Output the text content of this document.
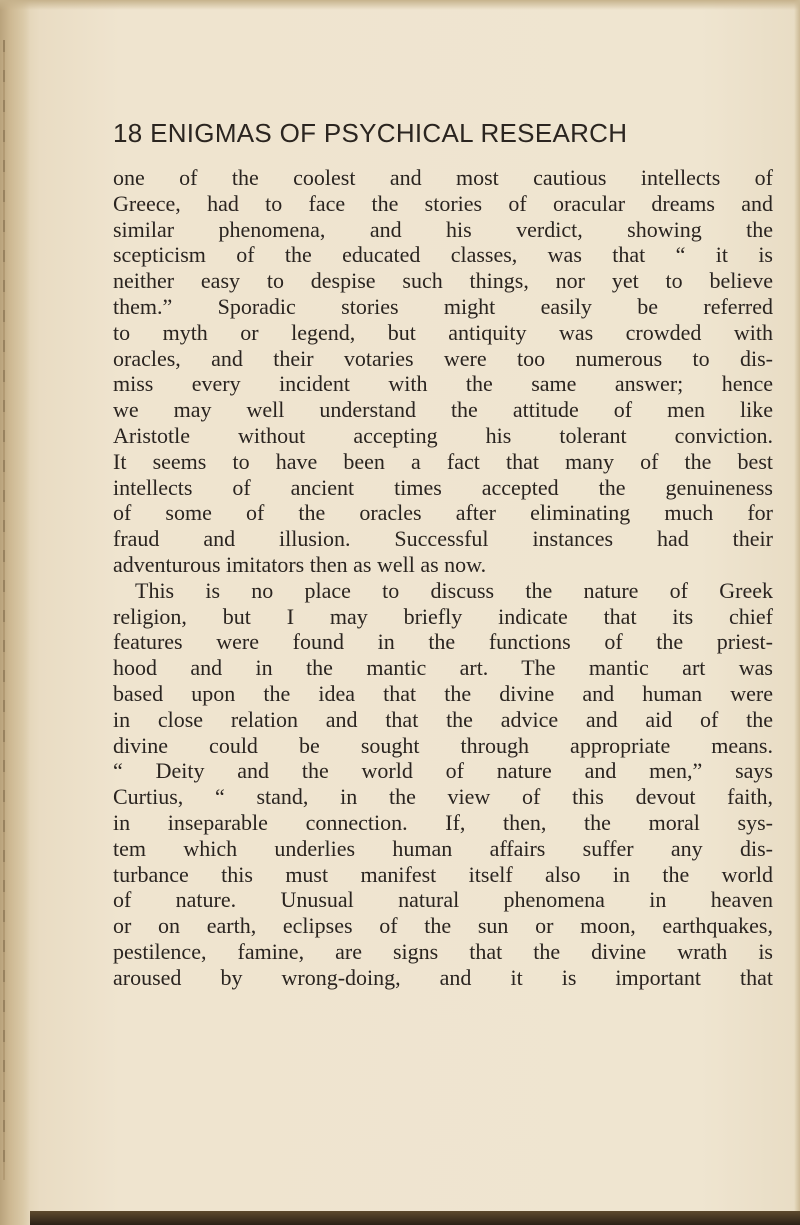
18 ENIGMAS OF PSYCHICAL RESEARCH
one of the coolest and most cautious intellects of
Greece, had to face the stories of oracular dreams and
similar phenomena, and his verdict, showing the
scepticism of the educated classes, was that “ it is
neither easy to despise such things, nor yet to believe
them.” Sporadic stories might easily be referred
to myth or legend, but antiquity was crowded with
oracles, and their votaries were too numerous to dis-
miss every incident with the same answer; hence
we may well understand the attitude of men like
Aristotle without accepting his tolerant conviction.
It seems to have been a fact that many of the best
intellects of ancient times accepted the genuineness
of some of the oracles after eliminating much for
fraud and illusion. Successful instances had their
adventurous imitators then as well as now.
This is no place to discuss the nature of Greek
religion, but I may briefly indicate that its chief
features were found in the functions of the priest-
hood and in the mantic art. The mantic art was
based upon the idea that the divine and human were
in close relation and that the advice and aid of the
divine could be sought through appropriate means.
“ Deity and the world of nature and men,” says
Curtius, “ stand, in the view of this devout faith,
in inseparable connection. If, then, the moral sys-
tem which underlies human affairs suffer any dis-
turbance this must manifest itself also in the world
of nature. Unusual natural phenomena in heaven
or on earth, eclipses of the sun or moon, earthquakes,
pestilence, famine, are signs that the divine wrath is
aroused by wrong-doing, and it is important that
